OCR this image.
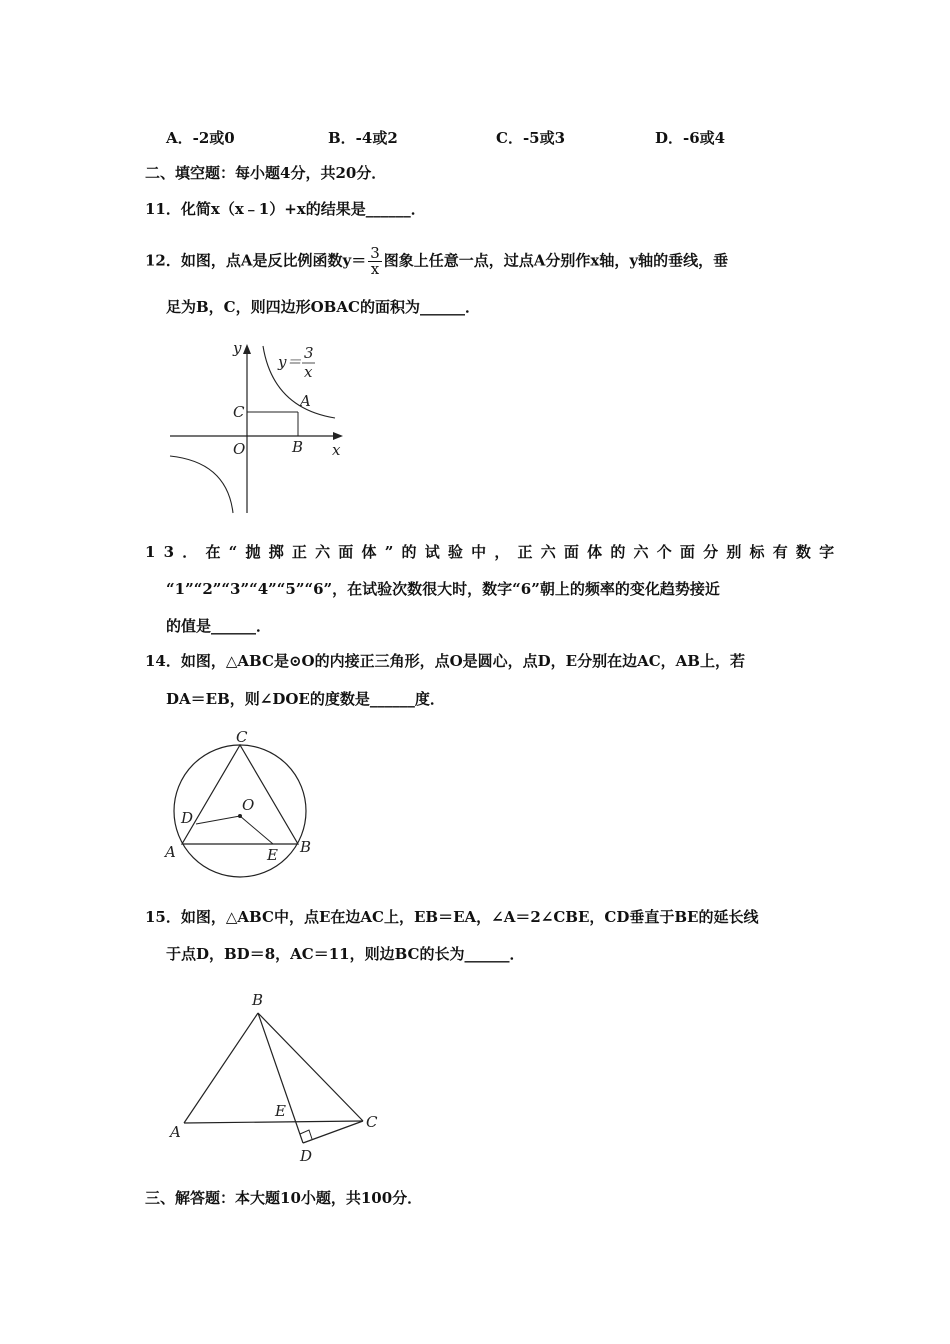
A．-2或0	B．-4或2	C．-5或3	D．-6或4
二、填空题：每小题4分，共20分．
11．化简x（x﹣1）+x的结果是______．
12．如图，点A是反比例函数$y= \frac{3}{x}$ 图象上任意一点，过点A分别作x轴，y轴的垂线，垂
足为B，C，则四边形OBAC的面积为______．
y
x
y＝ 3
x
A
B
C
O
13．在“抛掷正六面体”的试验中，正六面体的六个面分别标有数字
“1”“2”“3”“4”“5”“6”，在试验次数很大时，数字“6”朝上的频率的变化趋势接近
的值是______．
14．如图，△ABC是⊙O的内接正三角形，点O是圆心，点D，E分别在边AC，AB上，若
DA＝EB，则∠DOE的度数是______度．
C
O
D
A	E B
15．如图，△ABC中，点E在边AC上，EB＝EA，∠A＝2∠CBE，CD垂直于BE的延长线
于点D，BD＝8，AC＝11，则边BC的长为______．
B
A
E
C
D
三、解答题：本大题10小题，共100分．
